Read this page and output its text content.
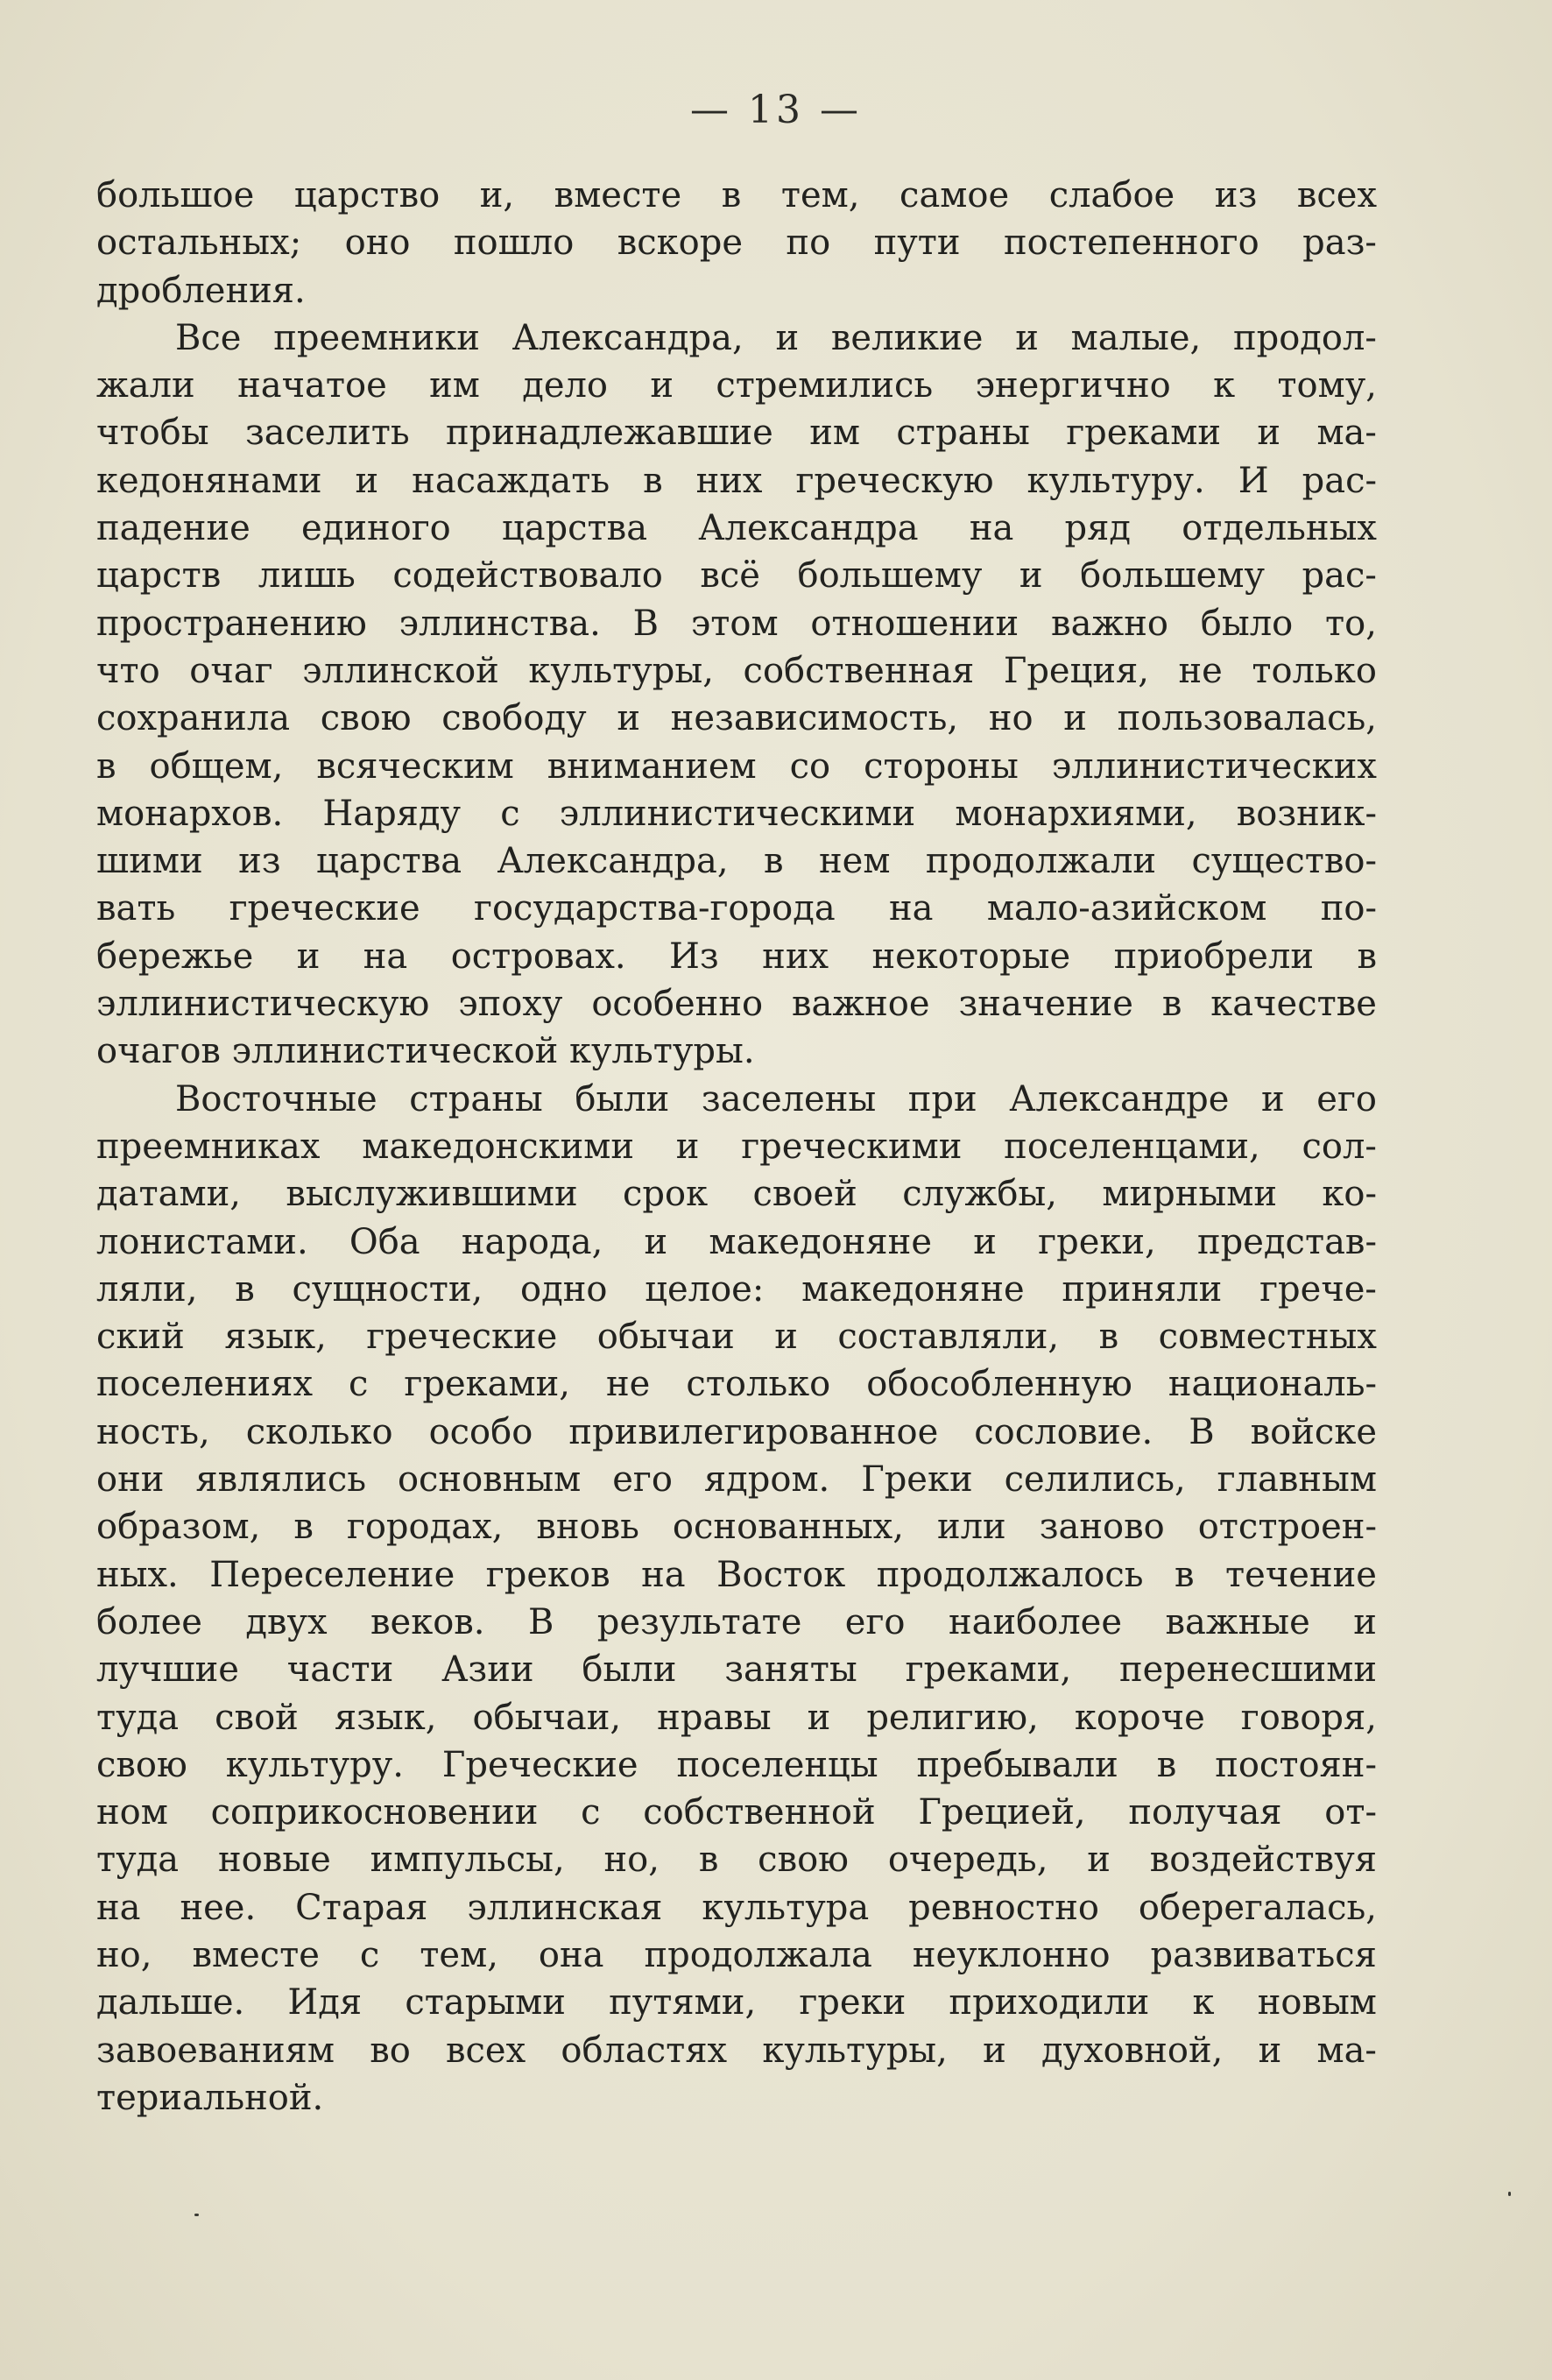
— 13 —
большое царство и, вместе в тем, самое слабое из всех
остальных; оно пошло вскоре по пути постепенного раз-
дробления.
Все преемники Александра, и великие и малые, продол-
жали начатое им дело и стремились энергично к тому,
чтобы заселить принадлежавшие им страны греками и ма-
кедонянами и насаждать в них греческую культуру. И рас-
падение единого царства Александра на ряд отдельных
царств лишь содействовало всё большему и большему рас-
пространению эллинства. В этом отношении важно было то,
что очаг эллинской культуры, собственная Греция, не только
сохранила свою свободу и независимость, но и пользовалась,
в общем, всяческим вниманием со стороны эллинистических
монархов. Наряду с эллинистическими монархиями, возник-
шими из царства Александра, в нем продолжали существо-
вать греческие государства-города на мало-азийском по-
бережье и на островах. Из них некоторые приобрели в
эллинистическую эпоху особенно важное значение в качестве
очагов эллинистической культуры.
Восточные страны были заселены при Александре и его
преемниках македонскими и греческими поселенцами, сол-
датами, выслужившими срок своей службы, мирными ко-
лонистами. Оба народа, и македоняне и греки, представ-
ляли, в сущности, одно целое: македоняне приняли грече-
ский язык, греческие обычаи и составляли, в совместных
поселениях с греками, не столько обособленную националь-
ность, сколько особо привилегированное сословие. В войске
они являлись основным его ядром. Греки селились, главным
образом, в городах, вновь основанных, или заново отстроен-
ных. Переселение греков на Восток продолжалось в течение
более двух веков. В результате его наиболее важные и
лучшие части Азии были заняты греками, перенесшими
туда свой язык, обычаи, нравы и религию, короче говоря,
свою культуру. Греческие поселенцы пребывали в постоян-
ном соприкосновении с собственной Грецией, получая от-
туда новые импульсы, но, в свою очередь, и воздействуя
на нее. Старая эллинская культура ревностно оберегалась,
но, вместе с тем, она продолжала неуклонно развиваться
дальше. Идя старыми путями, греки приходили к новым
завоеваниям во всех областях культуры, и духовной, и ма-
териальной.
